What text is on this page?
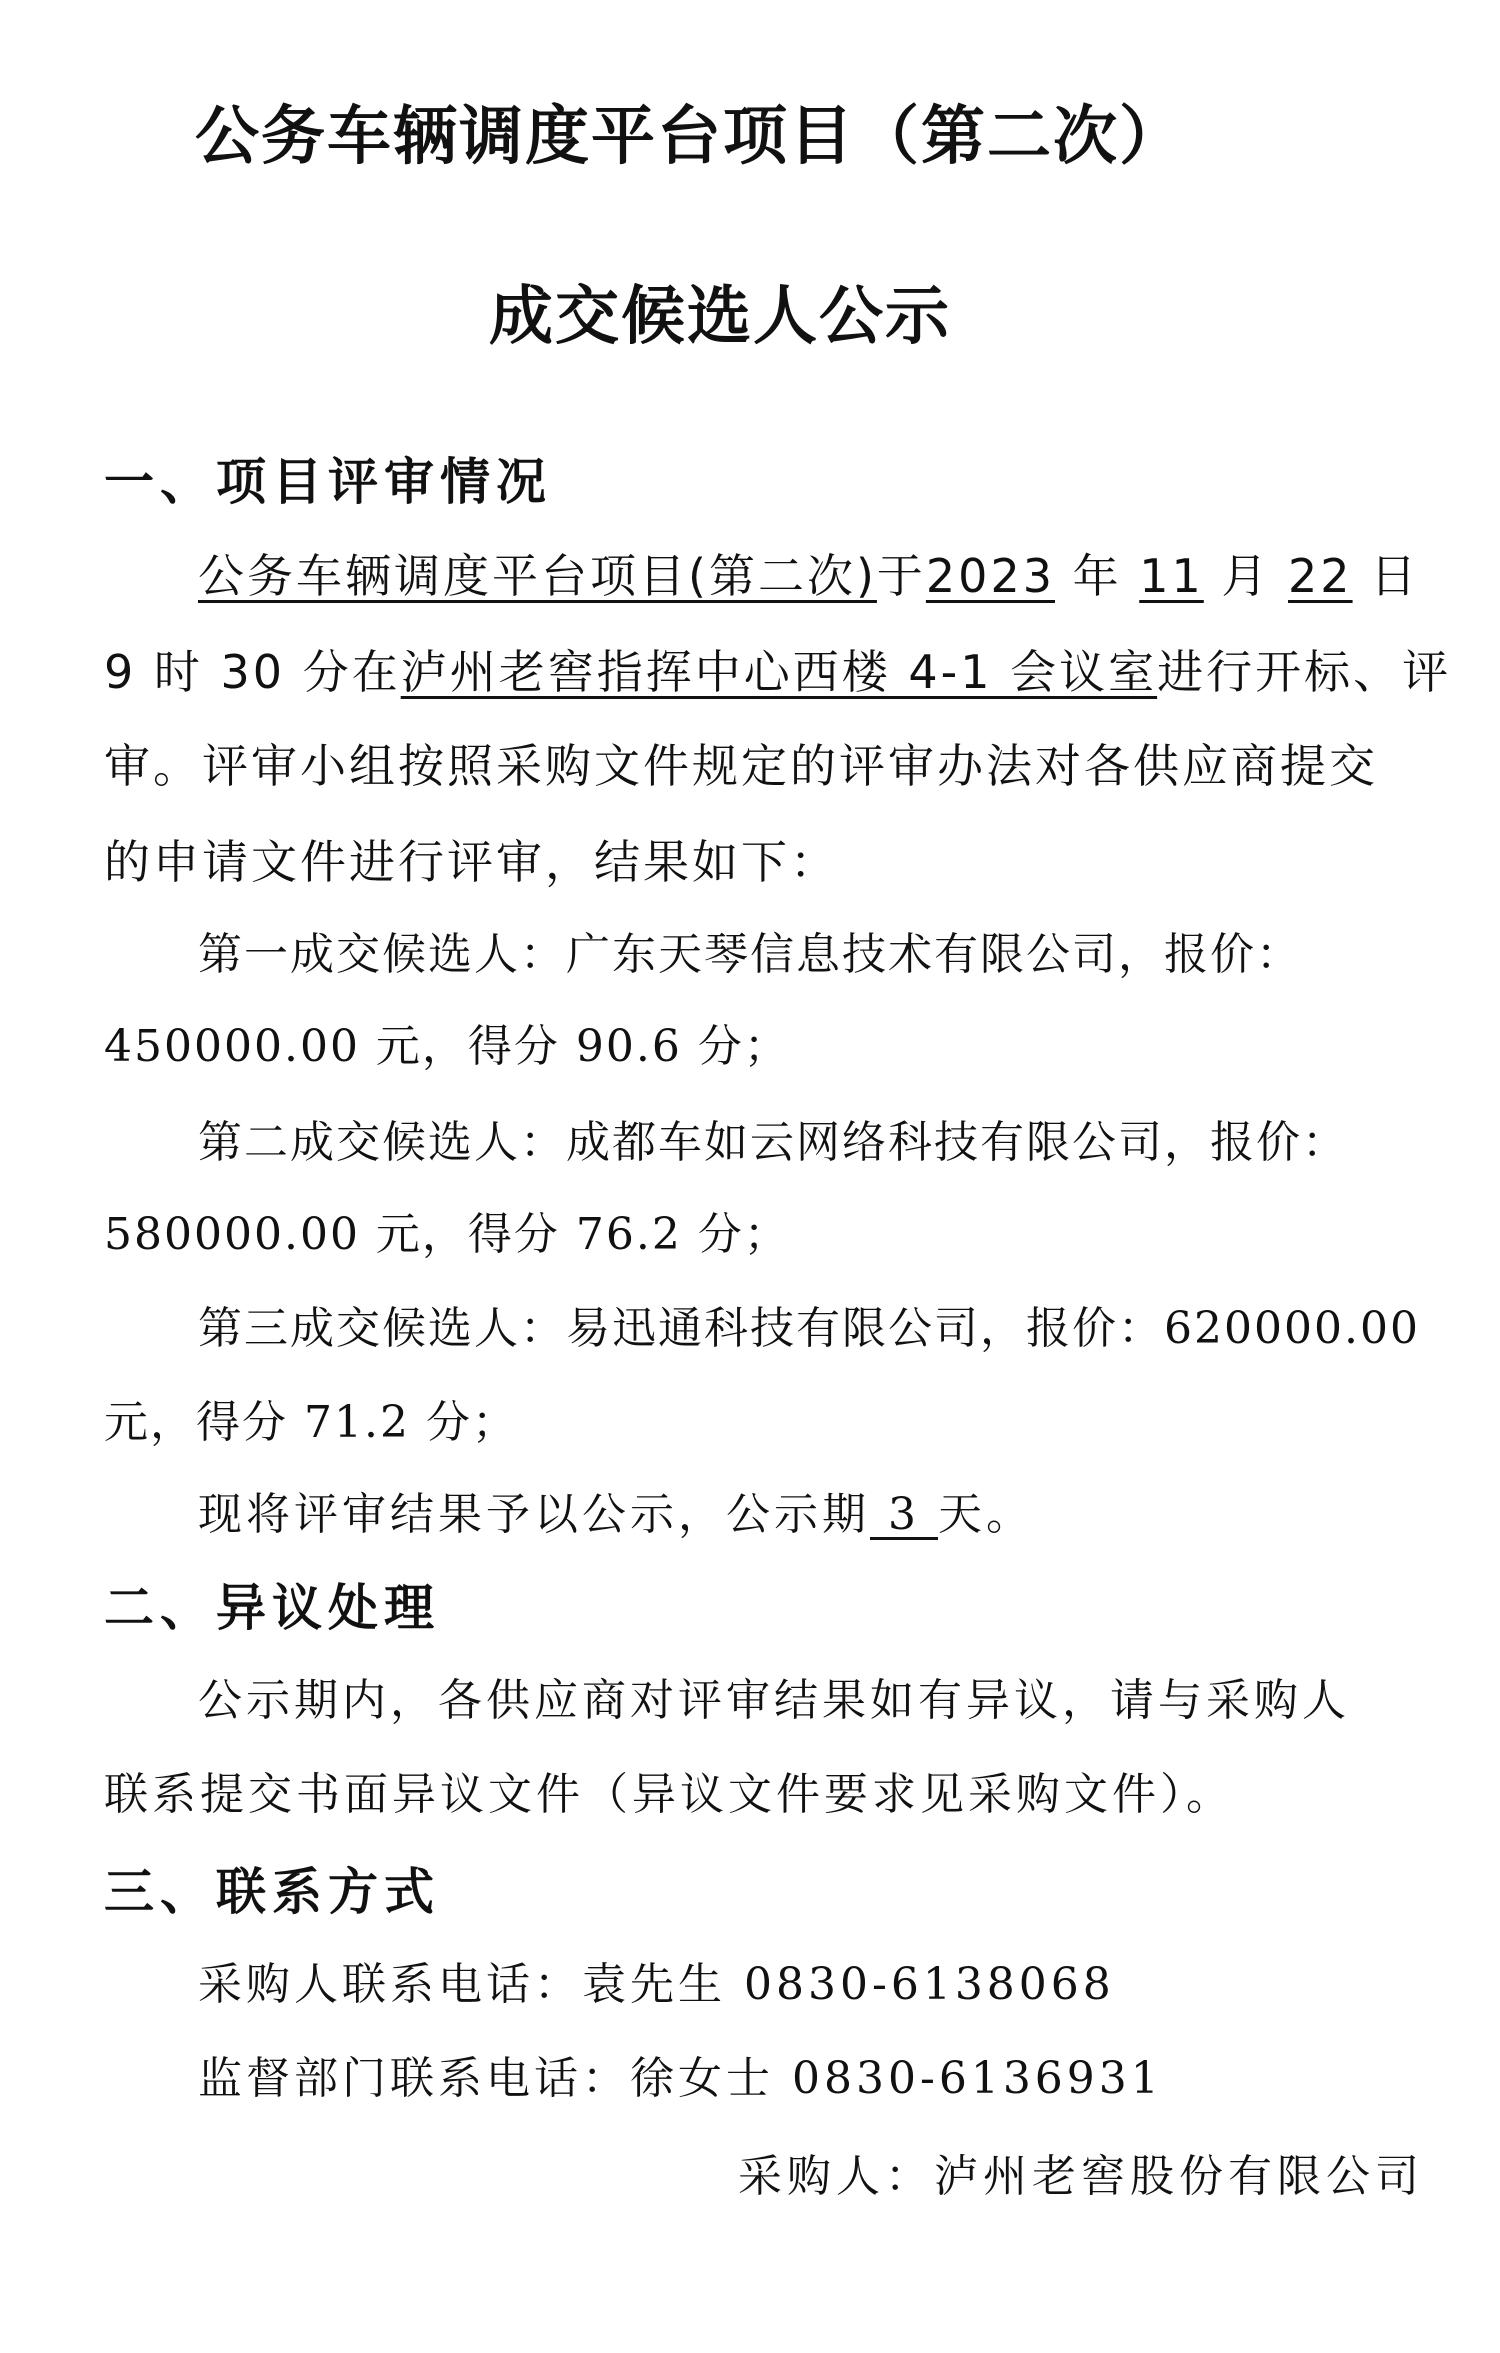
公务车辆调度平台项目（第二次）
成交候选人公示
一、项目评审情况
公务车辆调度平台项目(第二次)于2023 年 11 月 22 日
9 时 30 分在泸州老窖指挥中心西楼 4-1 会议室进行开标、评
审。评审小组按照采购文件规定的评审办法对各供应商提交
的申请文件进行评审，结果如下：
第一成交候选人：广东天琴信息技术有限公司，报价：
450000.00 元，得分 90.6 分；
第二成交候选人：成都车如云网络科技有限公司，报价：
580000.00 元，得分 76.2 分；
第三成交候选人：易迅通科技有限公司，报价：620000.00
元，得分 71.2 分；
现将评审结果予以公示，公示期 3 天。
二、异议处理
公示期内，各供应商对评审结果如有异议，请与采购人
联系提交书面异议文件（异议文件要求见采购文件）。
三、联系方式
采购人联系电话：袁先生 0830-6138068
监督部门联系电话：徐女士 0830-6136931
采购人：泸州老窖股份有限公司
